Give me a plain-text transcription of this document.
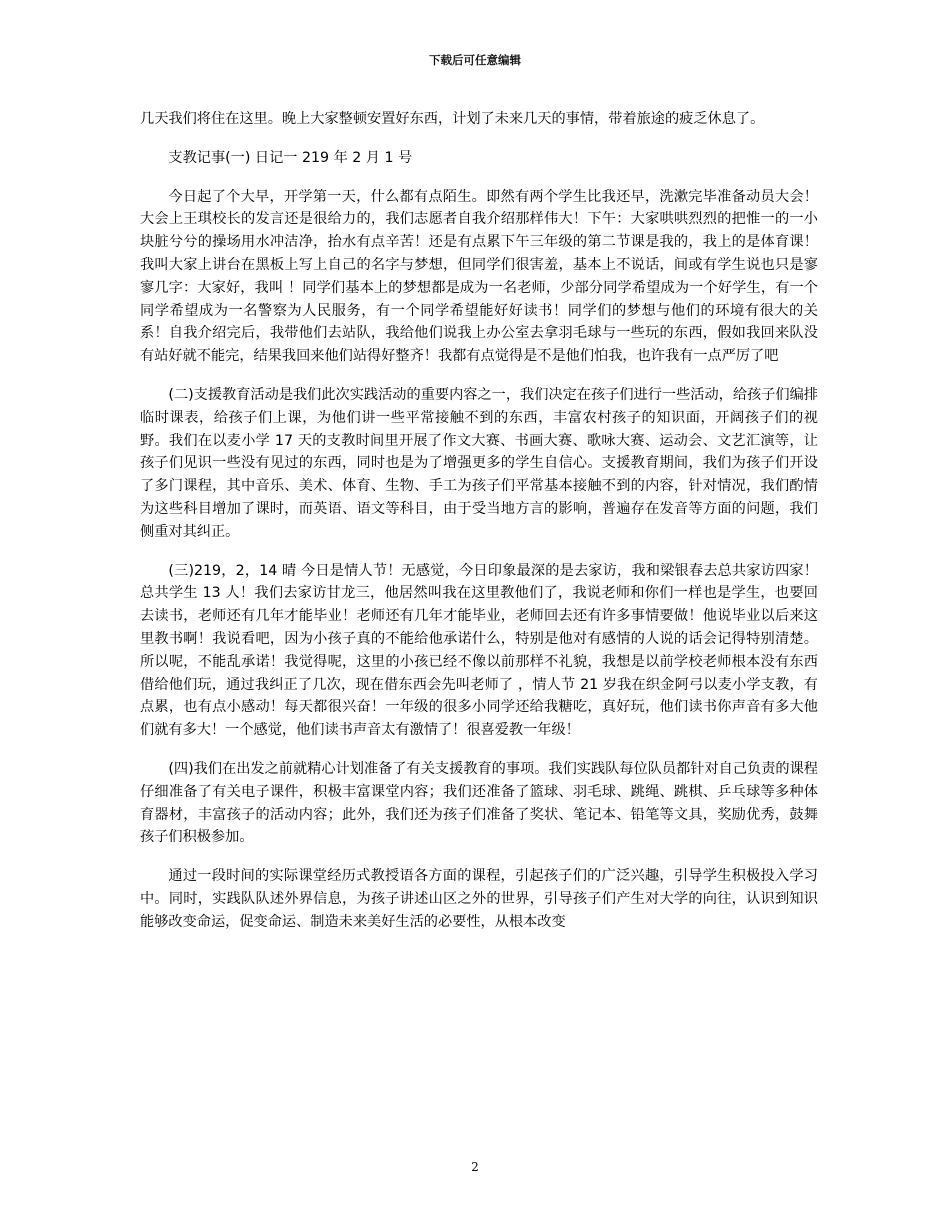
下载后可任意编辑

几天我们将住在这里。晚上大家整顿安置好东西，计划了未来几天的事情，带着旅途的疲乏休息了。

支教记事(一) 日记一 219 年 2 月 1 号

今日起了个大早，开学第一天，什么都有点陌生。即然有两个学生比我还早，洗漱完毕准备动员大会！大会上王琪校长的发言还是很给力的，我们志愿者自我介绍那样伟大！下午：大家哄哄烈烈的把惟一的一小块脏兮兮的操场用水冲洁净，抬水有点辛苦！还是有点累下午三年级的第二节课是我的，我上的是体育课！我叫大家上讲台在黑板上写上自己的名字与梦想，但同学们很害羞，基本上不说话，间或有学生说也只是寥寥几字：大家好，我叫 ！同学们基本上的梦想都是成为一名老师，少部分同学希望成为一个好学生，有一个同学希望成为一名警察为人民服务，有一个同学希望能好好读书！同学们的梦想与他们的环境有很大的关系！自我介绍完后，我带他们去站队，我给他们说我上办公室去拿羽毛球与一些玩的东西，假如我回来队没有站好就不能完，结果我回来他们站得好整齐！我都有点觉得是不是他们怕我，也许我有一点严厉了吧

(二)支援教育活动是我们此次实践活动的重要内容之一，我们决定在孩子们进行一些活动，给孩子们编排临时课表，给孩子们上课，为他们讲一些平常接触不到的东西，丰富农村孩子的知识面，开阔孩子们的视野。我们在以麦小学 17 天的支教时间里开展了作文大赛、书画大赛、歌咏大赛、运动会、文艺汇演等，让孩子们见识一些没有见过的东西，同时也是为了增强更多的学生自信心。支援教育期间，我们为孩子们开设了多门课程，其中音乐、美术、体育、生物、手工为孩子们平常基本接触不到的内容，针对情况，我们酌情为这些科目增加了课时，而英语、语文等科目，由于受当地方言的影响，普遍存在发音等方面的问题，我们侧重对其纠正。

(三)219，2，14 晴 今日是情人节！无感觉，今日印象最深的是去家访，我和梁银春去总共家访四家！总共学生 13 人！我们去家访甘龙三，他居然叫我在这里教他们了，我说老师和你们一样也是学生，也要回去读书，老师还有几年才能毕业！老师还有几年才能毕业，老师回去还有许多事情要做！他说毕业以后来这里教书啊！我说看吧，因为小孩子真的不能给他承诺什么，特别是他对有感情的人说的话会记得特别清楚。所以呢，不能乱承诺！我觉得呢，这里的小孩已经不像以前那样不礼貌，我想是以前学校老师根本没有东西借给他们玩，通过我纠正了几次，现在借东西会先叫老师了 ，情人节 21 岁我在织金阿弓以麦小学支教，有点累，也有点小感动！每天都很兴奋！一年级的很多小同学还给我糖吃，真好玩，他们读书你声音有多大他们就有多大！一个感觉，他们读书声音太有激情了！很喜爱教一年级！

(四)我们在出发之前就精心计划准备了有关支援教育的事项。我们实践队每位队员都针对自己负责的课程仔细准备了有关电子课件，积极丰富课堂内容；我们还准备了篮球、羽毛球、跳绳、跳棋、乒乓球等多种体育器材，丰富孩子的活动内容；此外，我们还为孩子们准备了奖状、笔记本、铅笔等文具，奖励优秀，鼓舞孩子们积极参加。

通过一段时间的实际课堂经历式教授语各方面的课程，引起孩子们的广泛兴趣，引导学生积极投入学习中。同时，实践队队述外界信息，为孩子讲述山区之外的世界，引导孩子们产生对大学的向往，认识到知识能够改变命运，促变命运、制造未来美好生活的必要性，从根本改变

2
